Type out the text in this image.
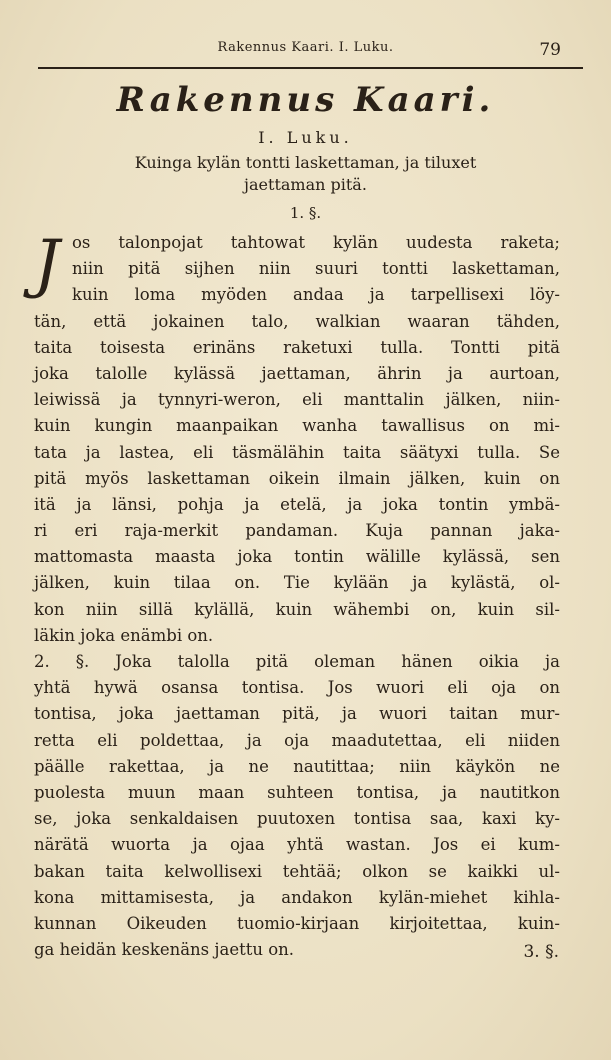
Rakennus Kaari. I. Luku.	79
Rakennus Kaari.
I. Luku.
Kuinga kylän tontti laskettaman, ja tiluxet
jaettaman pitä.
1. §.
J os talonpojat tahtowat kylän uudesta raketa;
niin pitä sijhen niin suuri tontti laskettaman,
kuin loma myöden andaa ja tarpellisexi löy-
tän, että jokainen talo, walkian waaran tähden,
taita toisesta erinäns raketuxi tulla. Tontti pitä
joka talolle kylässä jaettaman, ährin ja aurtoan,
leiwissä ja tynnyri-weron, eli manttalin jälken, niin-
kuin kungin maanpaikan wanha tawallisus on mi-
tata ja lastea, eli täsmälähin taita säätyxi tulla. Se
pitä myös laskettaman oikein ilmain jälken, kuin on
itä ja länsi, pohja ja etelä, ja joka tontin ymbä-
ri eri raja-merkit pandaman. Kuja pannan jaka-
mattomasta maasta joka tontin wälille kylässä, sen
jälken, kuin tilaa on. Tie kylään ja kylästä, ol-
kon niin sillä kylällä, kuin wähembi on, kuin sil-
läkin joka enämbi on.
2. §. Joka talolla pitä oleman hänen oikia ja
yhtä hywä osansa tontisa. Jos wuori eli oja on
tontisa, joka jaettaman pitä, ja wuori taitan mur-
retta eli poldettaa, ja oja maadutettaa, eli niiden
päälle rakettaa, ja ne nautittaa; niin käykön ne
puolesta muun maan suhteen tontisa, ja nautitkon
se, joka senkaldaisen puutoxen tontisa saa, kaxi ky-
närätä wuorta ja ojaa yhtä wastan. Jos ei kum-
bakan taita kelwollisexi tehtää; olkon se kaikki ul-
kona mittamisesta, ja andakon kylän-miehet kihla-
kunnan Oikeuden tuomio-kirjaan kirjoitettaa, kuin-
ga heidän keskenäns jaettu on.	3. §.
